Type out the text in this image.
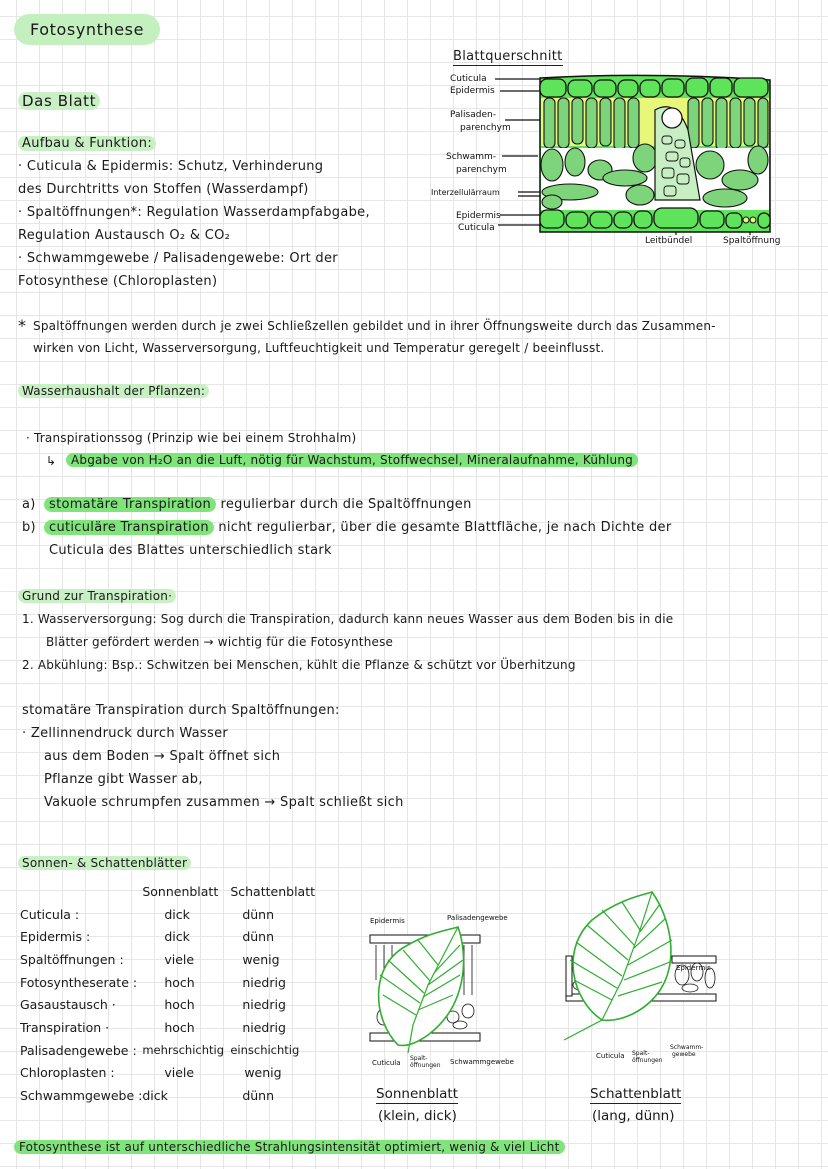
Fotosynthese
Das Blatt
Aufbau & Funktion:
· Cuticula & Epidermis: Schutz, Verhinderung
des Durchtritts von Stoffen (Wasserdampf)
· Spaltöffnungen*: Regulation Wasserdampfabgabe,
Regulation Austausch O₂ & CO₂
· Schwammgewebe / Palisadengewebe: Ort der
Fotosynthese (Chloroplasten)
Blattquerschnitt
Cuticula
Epidermis
Palisaden-
parenchym
Schwamm-
parenchym
Interzellulärraum
Epidermis
Cuticula
Leitbündel	Spaltöffnung
* Spaltöffnungen werden durch je zwei Schließzellen gebildet und in ihrer Öffnungsweite durch das Zusammen-
wirken von Licht, Wasserversorgung, Luftfeuchtigkeit und Temperatur geregelt / beeinflusst.
Wasserhaushalt der Pflanzen:
· Transpirationssog (Prinzip wie bei einem Strohhalm)
↳	Abgabe von H₂O an die Luft, nötig für Wachstum, Stoffwechsel, Mineralaufnahme, Kühlung
a)	stomatäre Transpiration regulierbar durch die Spaltöffnungen
b)	cuticuläre Transpiration nicht regulierbar, über die gesamte Blattfläche, je nach Dichte der
Cuticula des Blattes unterschiedlich stark
Grund zur Transpiration·
1. Wasserversorgung: Sog durch die Transpiration, dadurch kann neues Wasser aus dem Boden bis in die
Blätter gefördert werden → wichtig für die Fotosynthese
2. Abkühlung: Bsp.: Schwitzen bei Menschen, kühlt die Pflanze & schützt vor Überhitzung
stomatäre Transpiration durch Spaltöffnungen:
· Zellinnendruck durch Wasser
aus dem Boden → Spalt öffnet sich
Pflanze gibt Wasser ab,
Vakuole schrumpfen zusammen → Spalt schließt sich
Sonnen- & Schattenblätter
	Sonnenblatt	Schattenblatt
Cuticula :	dick	dünn
Epidermis :	dick	dünn
Spaltöffnungen :	viele	wenig
Fotosyntheserate :	hoch	niedrig
Gasaustausch ·	hoch	niedrig
Transpiration ·	hoch	niedrig
Palisadengewebe :	mehrschichtig	einschichtig
Chloroplasten :	viele	wenig
Schwammgewebe :	dick	dünn
Epidermis	Palisadengewebe
Cuticula
Spalt-
öffnungen Schwammgewebe
Sonnenblatt
(klein, dick)
Epidermis
Cuticula Spalt-
öffnungen
Schwamm-
gewebe
Schattenblatt
(lang, dünn)
Fotosynthese ist auf unterschiedliche Strahlungsintensität optimiert, wenig & viel Licht
